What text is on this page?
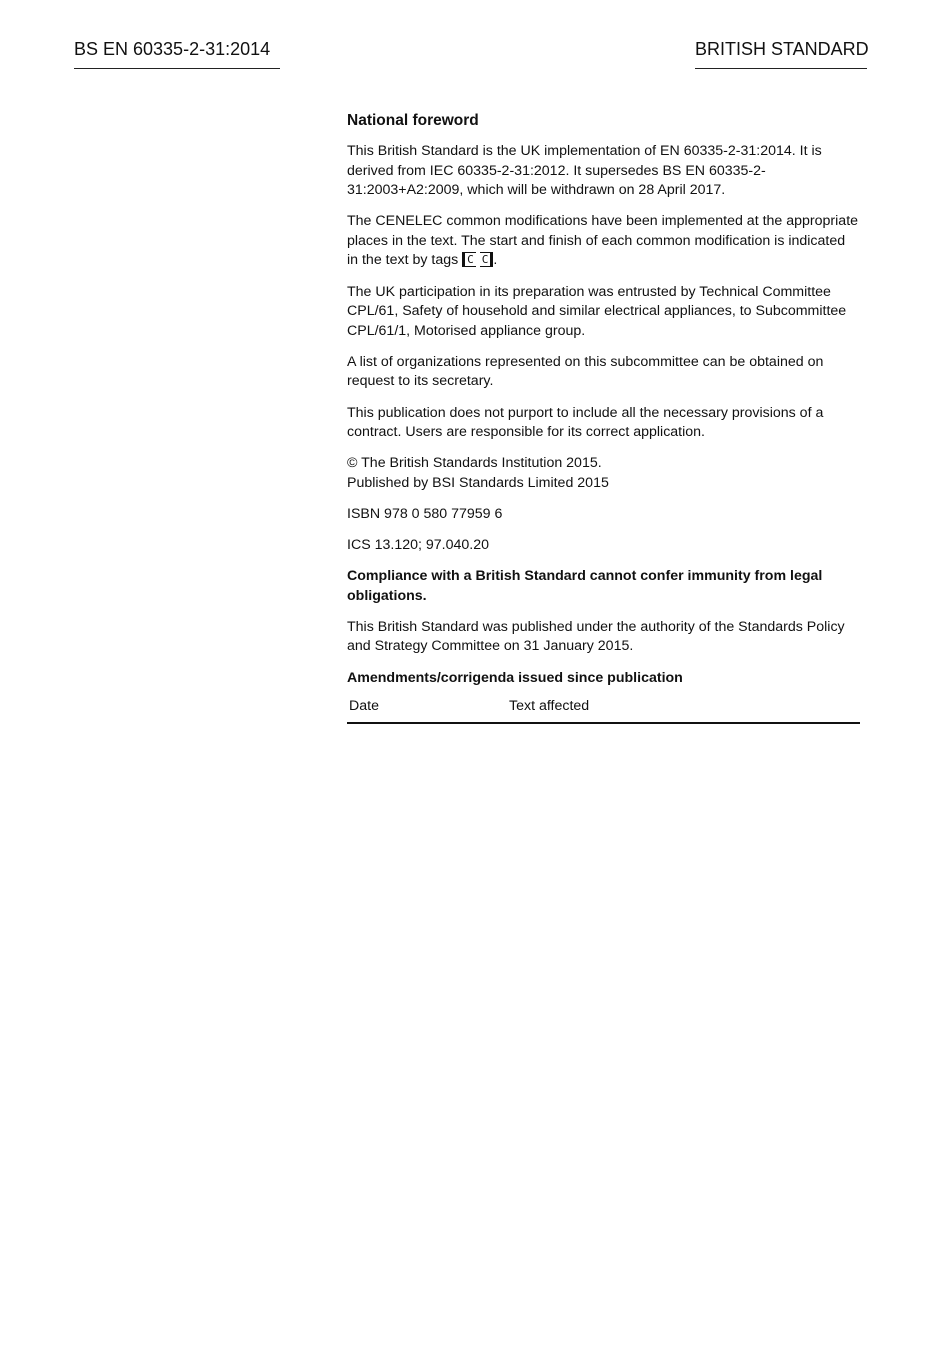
BS EN 60335-2-31:2014	BRITISH STANDARD
National foreword

This British Standard is the UK implementation of EN 60335-2-31:2014. It is derived from IEC 60335-2-31:2012. It supersedes BS EN 60335-2-31:2003+A2:2009, which will be withdrawn on 28 April 2017.

The CENELEC common modifications have been implemented at the appropriate places in the text. The start and finish of each common modification is indicated in the text by tags C C .

The UK participation in its preparation was entrusted by Technical Committee CPL/61, Safety of household and similar electrical appliances, to Subcommittee CPL/61/1, Motorised appliance group.

A list of organizations represented on this subcommittee can be obtained on request to its secretary.

This publication does not purport to include all the necessary provisions of a contract. Users are responsible for its correct application.

© The British Standards Institution 2015.
Published by BSI Standards Limited 2015

ISBN 978 0 580 77959 6

ICS 13.120; 97.040.20

Compliance with a British Standard cannot confer immunity from legal obligations.

This British Standard was published under the authority of the Standards Policy and Strategy Committee on 31 January 2015.

Amendments/corrigenda issued since publication
Date	Text affected
